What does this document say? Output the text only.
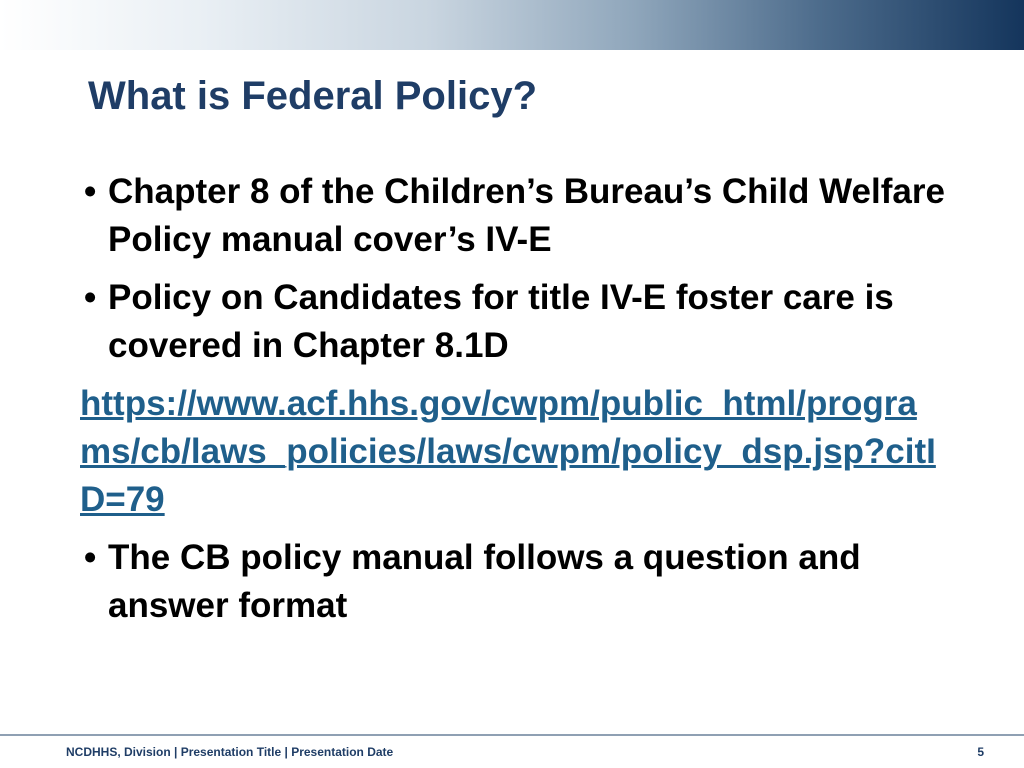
What is Federal Policy?

• Chapter 8 of the Children’s Bureau’s Child Welfare Policy manual cover’s IV-E

• Policy on Candidates for title IV-E foster care is covered in Chapter 8.1D

https://www.acf.hhs.gov/cwpm/public_html/programs/cb/laws_policies/laws/cwpm/policy_dsp.jsp?citID=79

• The CB policy manual follows a question and answer format

NCDHHS, Division | Presentation Title | Presentation Date	5
